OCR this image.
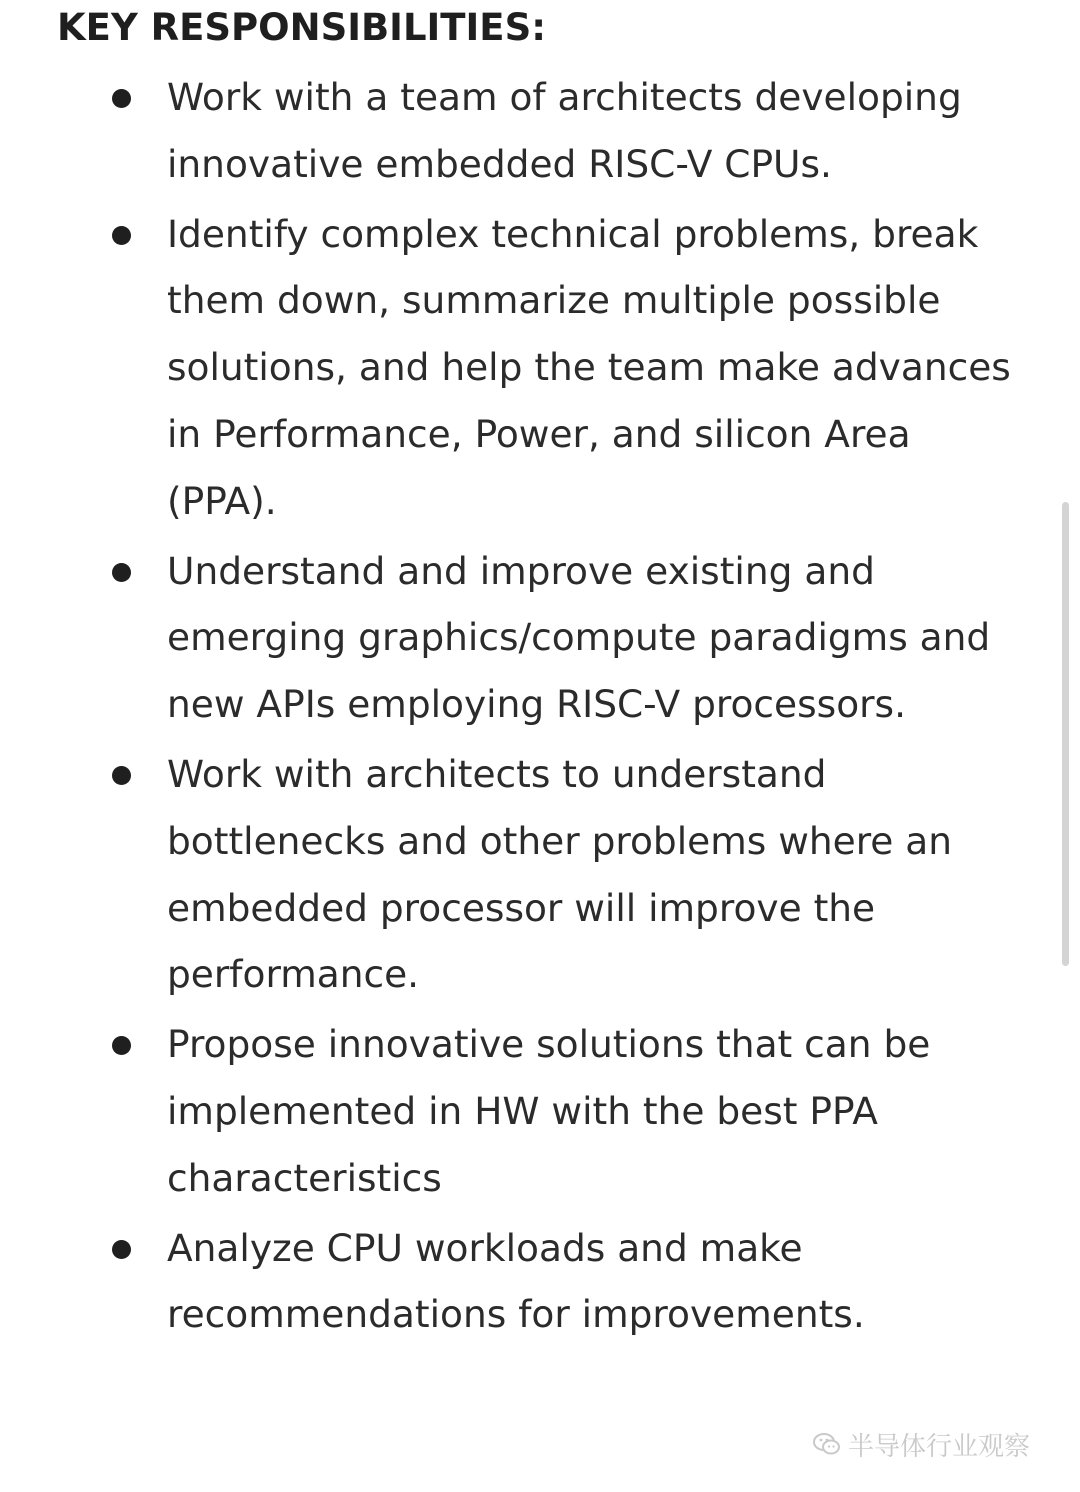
KEY RESPONSIBILITIES:
Work with a team of architects developing innovative embedded RISC-V CPUs.
Identify complex technical problems, break them down, summarize multiple possible solutions, and help the team make advances in Performance, Power, and silicon Area (PPA).
Understand and improve existing and emerging graphics/compute paradigms and new APIs employing RISC-V processors.
Work with architects to understand bottlenecks and other problems where an embedded processor will improve the performance.
Propose innovative solutions that can be implemented in HW with the best PPA characteristics
Analyze CPU workloads and make recommendations for improvements.
半导体行业观察
